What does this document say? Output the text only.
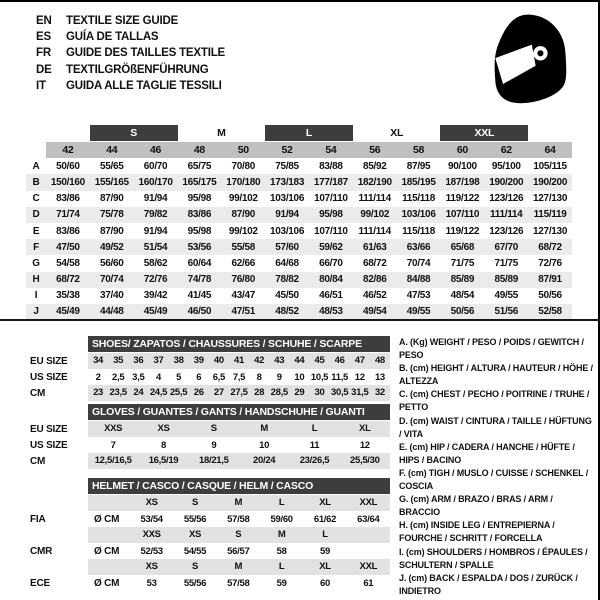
EN	TEXTILE SIZE GUIDE
ES	GUÍA DE TALLAS
FR	GUIDE DES TAILLES TEXTILE
DE	TEXTILGRÖßENFÜHRUNG
IT	GUIDA ALLE TAGLIE TESSILI
S	M	L	XL	XXL
42	44	46	48	50	52	54	56	58	60	62	64
A	50/60	55/65	60/70	65/75	70/80	75/85	83/88	85/92	87/95	90/100	95/100	105/115
B	150/160 155/165 160/170 165/175 170/180 173/183 177/187 182/190 185/195 187/198 190/200 190/200
C	83/86	87/90	91/94	95/98	99/102	103/106	107/110	111/114	115/118	119/122	123/126 127/130
D	71/74	75/78	79/82	83/86	87/90	91/94	95/98	99/102	103/106	107/110	111/114	115/119
E	83/86	87/90	91/94	95/98	99/102	103/106	107/110	111/114	115/118	119/122	123/126 127/130
F	47/50	49/52	51/54	53/56	55/58	57/60	59/62	61/63	63/66	65/68	67/70	68/72
G	54/58	56/60	58/62	60/64	62/66	64/68	66/70	68/72	70/74	71/75	71/75	72/76
H	68/72	70/74	72/76	74/78	76/80	78/82	80/84	82/86	84/88	85/89	85/89	87/91
I	35/38	37/40	39/42	41/45	43/47	45/50	46/51	46/52	47/53	48/54	49/55	50/56
J	45/49	44/48	45/49	46/50	47/51	48/52	48/53	49/54	49/55	50/56	51/56	52/58
SHOES/ ZAPATOS / CHAUSSURES / SCHUHE / SCARPE
EU SIZE	34	35	36	37	38	39	40	41	42	43	44	45	46	47	48
US SIZE	2	2,5 3,5	4	5	6	6,5 7,5	8	9	10 10,5 11,5 12	13
CM	23 23,5 24 24,5 25,5 26	27 27,5 28 28,5 29	30 30,5 31,5 32
GLOVES / GUANTES / GANTS / HANDSCHUHE / GUANTI
EU SIZE	XXS	XS	S	M	L	XL
US SIZE	7	8	9	10	11	12
CM	12,5/16,5	16,5/19	18/21,5	20/24	23/26,5	25,5/30
HELMET / CASCO / CASQUE / HELM / CASCO
XS	S	M	L	XL	XXL
FIA	Ø CM	53/54	55/56	57/58	59/60	61/62	63/64
XXS	XS	S	M	L
CMR	Ø CM	52/53	54/55	56/57	58	59
XS	S	M	L	XL	XXL
ECE	Ø CM	53	55/56	57/58	59	60	61
A. (Kg) WEIGHT / PESO / POIDS / GEWITCH / PESO
B. (cm) HEIGHT / ALTURA / HAUTEUR / HÖHE / ALTEZZA
C. (cm) CHEST / PECHO / POITRINE / TRUHE / PETTO
D. (cm) WAIST / CINTURA / TAILLE / HÜFTUNG / VITA
E. (cm) HIP / CADERA / HANCHE / HÜFTE / HIPS / BACINO
F. (cm) TIGH / MUSLO / CUISSE / SCHENKEL / COSCIA
G. (cm) ARM / BRAZO / BRAS / ARM / BRACCIO
H. (cm) INSIDE LEG / ENTREPIERNA / FOURCHE / SCHRITT / FORCELLA
I. (cm) SHOULDERS / HOMBROS / ÉPAULES / SCHULTERN / SPALLE
J. (cm) BACK / ESPALDA / DOS / ZURÜCK / INDIETRO
